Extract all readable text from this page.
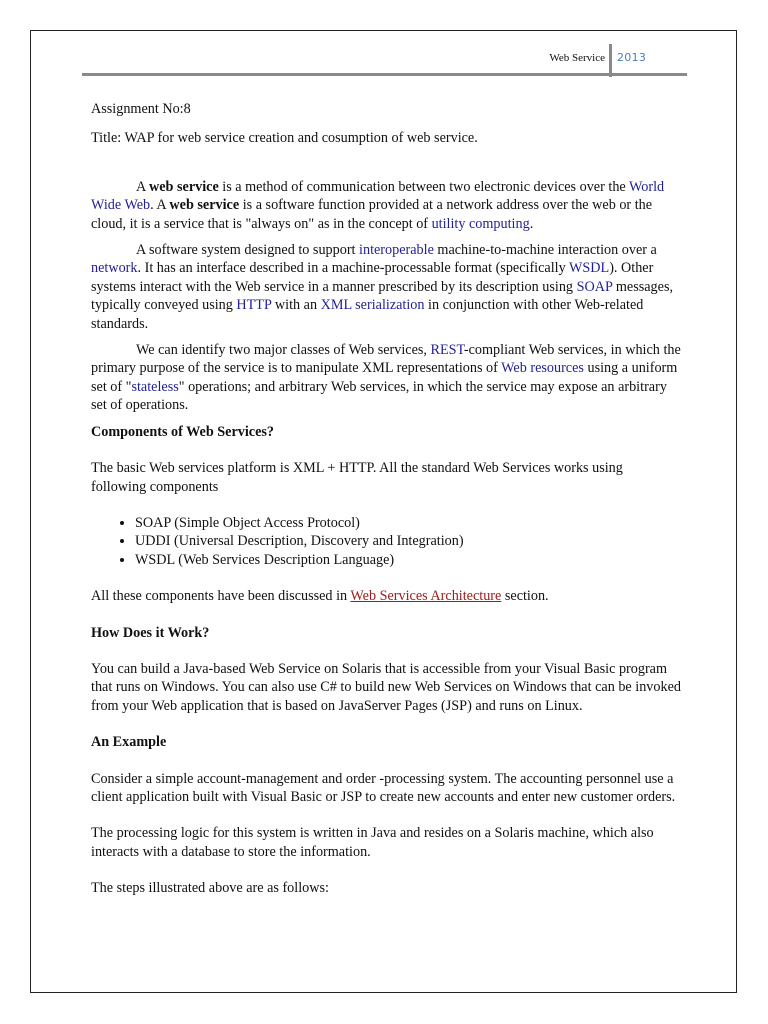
Web Service 2013

Assignment No:8

Title: WAP for web service creation and cosumption of web service.

A web service is a method of communication between two electronic devices over the World Wide Web. A web service is a software function provided at a network address over the web or the cloud, it is a service that is "always on" as in the concept of utility computing.

A software system designed to support interoperable machine-to-machine interaction over a network. It has an interface described in a machine-processable format (specifically WSDL). Other systems interact with the Web service in a manner prescribed by its description using SOAP messages, typically conveyed using HTTP with an XML serialization in conjunction with other Web-related standards.

We can identify two major classes of Web services, REST-compliant Web services, in which the primary purpose of the service is to manipulate XML representations of Web resources using a uniform set of "stateless" operations; and arbitrary Web services, in which the service may expose an arbitrary set of operations.

Components of Web Services?

The basic Web services platform is XML + HTTP. All the standard Web Services works using following components

• SOAP (Simple Object Access Protocol)
• UDDI (Universal Description, Discovery and Integration)
• WSDL (Web Services Description Language)

All these components have been discussed in Web Services Architecture section.

How Does it Work?

You can build a Java-based Web Service on Solaris that is accessible from your Visual Basic program that runs on Windows. You can also use C# to build new Web Services on Windows that can be invoked from your Web application that is based on JavaServer Pages (JSP) and runs on Linux.

An Example

Consider a simple account-management and order -processing system. The accounting personnel use a client application built with Visual Basic or JSP to create new accounts and enter new customer orders.

The processing logic for this system is written in Java and resides on a Solaris machine, which also interacts with a database to store the information.

The steps illustrated above are as follows:
